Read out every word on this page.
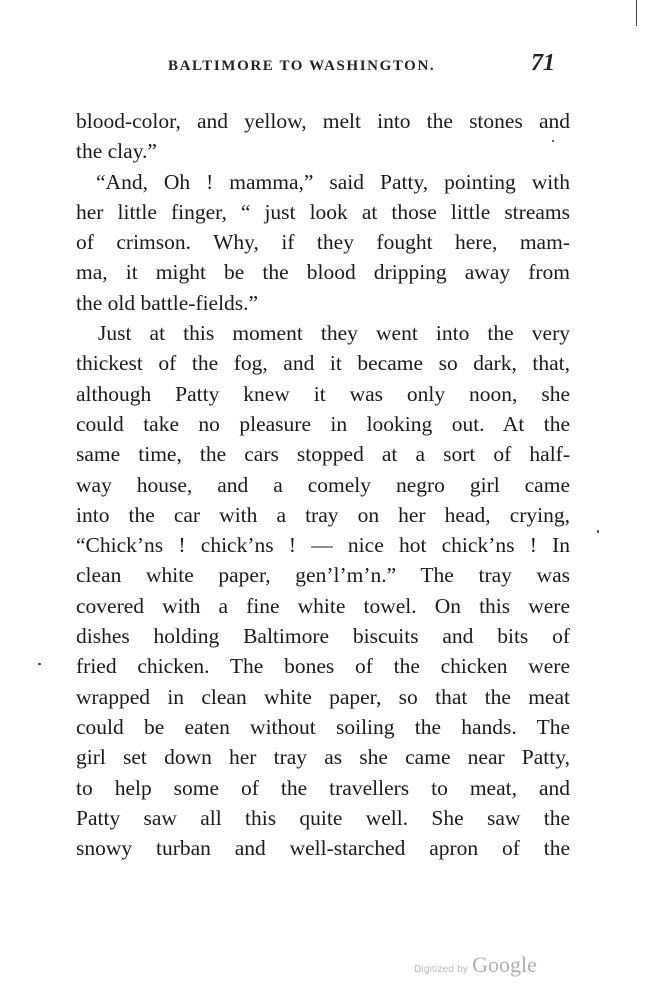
BALTIMORE TO WASHINGTON.	71
blood-color, and yellow, melt into the stones and
the clay.”
“And, Oh ! mamma,” said Patty, pointing with
her little finger, “ just look at those little streams
of crimson. Why, if they fought here, mam-
ma, it might be the blood dripping away from
the old battle-fields.”
Just at this moment they went into the very
thickest of the fog, and it became so dark, that,
although Patty knew it was only noon, she
could take no pleasure in looking out. At the
same time, the cars stopped at a sort of half-
way house, and a comely negro girl came
into the car with a tray on her head, crying,
“Chick’ns ! chick’ns ! — nice hot chick’ns ! In
clean white paper, gen’l’m’n.” The tray was
covered with a fine white towel. On this were
dishes holding Baltimore biscuits and bits of
fried chicken. The bones of the chicken were
wrapped in clean white paper, so that the meat
could be eaten without soiling the hands. The
girl set down her tray as she came near Patty,
to help some of the travellers to meat, and
Patty saw all this quite well. She saw the
snowy turban and well-starched apron of the
Digitized by Google
